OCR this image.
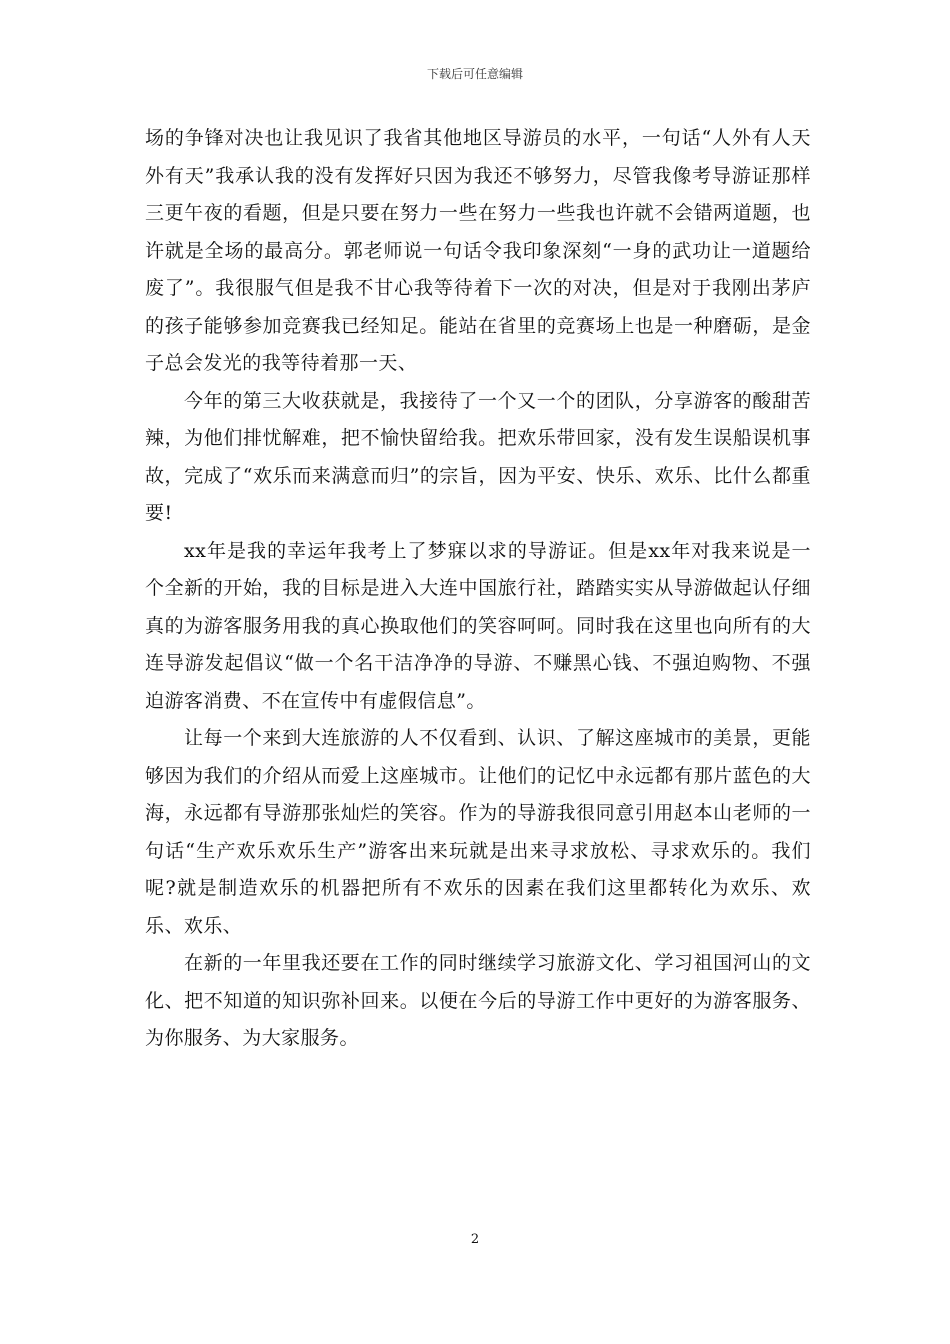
下载后可任意编辑

场的争锋对决也让我见识了我省其他地区导游员的水平，一句话“人外有人天外有天”我承认我的没有发挥好只因为我还不够努力，尽管我像考导游证那样三更午夜的看题，但是只要在努力一些在努力一些我也许就不会错两道题，也许就是全场的最高分。郭老师说一句话令我印象深刻“一身的武功让一道题给废了”。我很服气但是我不甘心我等待着下一次的对决，但是对于我刚出茅庐的孩子能够参加竞赛我已经知足。能站在省里的竞赛场上也是一种磨砺，是金子总会发光的我等待着那一天、

今年的第三大收获就是，我接待了一个又一个的团队，分享游客的酸甜苦辣，为他们排忧解难，把不愉快留给我。把欢乐带回家，没有发生误船误机事故，完成了“欢乐而来满意而归”的宗旨，因为平安、快乐、欢乐、比什么都重要!

xx年是我的幸运年我考上了梦寐以求的导游证。但是xx年对我来说是一个全新的开始，我的目标是进入大连中国旅行社，踏踏实实从导游做起认仔细真的为游客服务用我的真心换取他们的笑容呵呵。同时我在这里也向所有的大连导游发起倡议“做一个名干洁净净的导游、不赚黑心钱、不强迫购物、不强迫游客消费、不在宣传中有虚假信息”。

让每一个来到大连旅游的人不仅看到、认识、了解这座城市的美景，更能够因为我们的介绍从而爱上这座城市。让他们的记忆中永远都有那片蓝色的大海，永远都有导游那张灿烂的笑容。作为的导游我很同意引用赵本山老师的一句话“生产欢乐欢乐生产”游客出来玩就是出来寻求放松、寻求欢乐的。我们呢?就是制造欢乐的机器把所有不欢乐的因素在我们这里都转化为欢乐、欢乐、欢乐、

在新的一年里我还要在工作的同时继续学习旅游文化、学习祖国河山的文化、把不知道的知识弥补回来。以便在今后的导游工作中更好的为游客服务、为你服务、为大家服务。

2
